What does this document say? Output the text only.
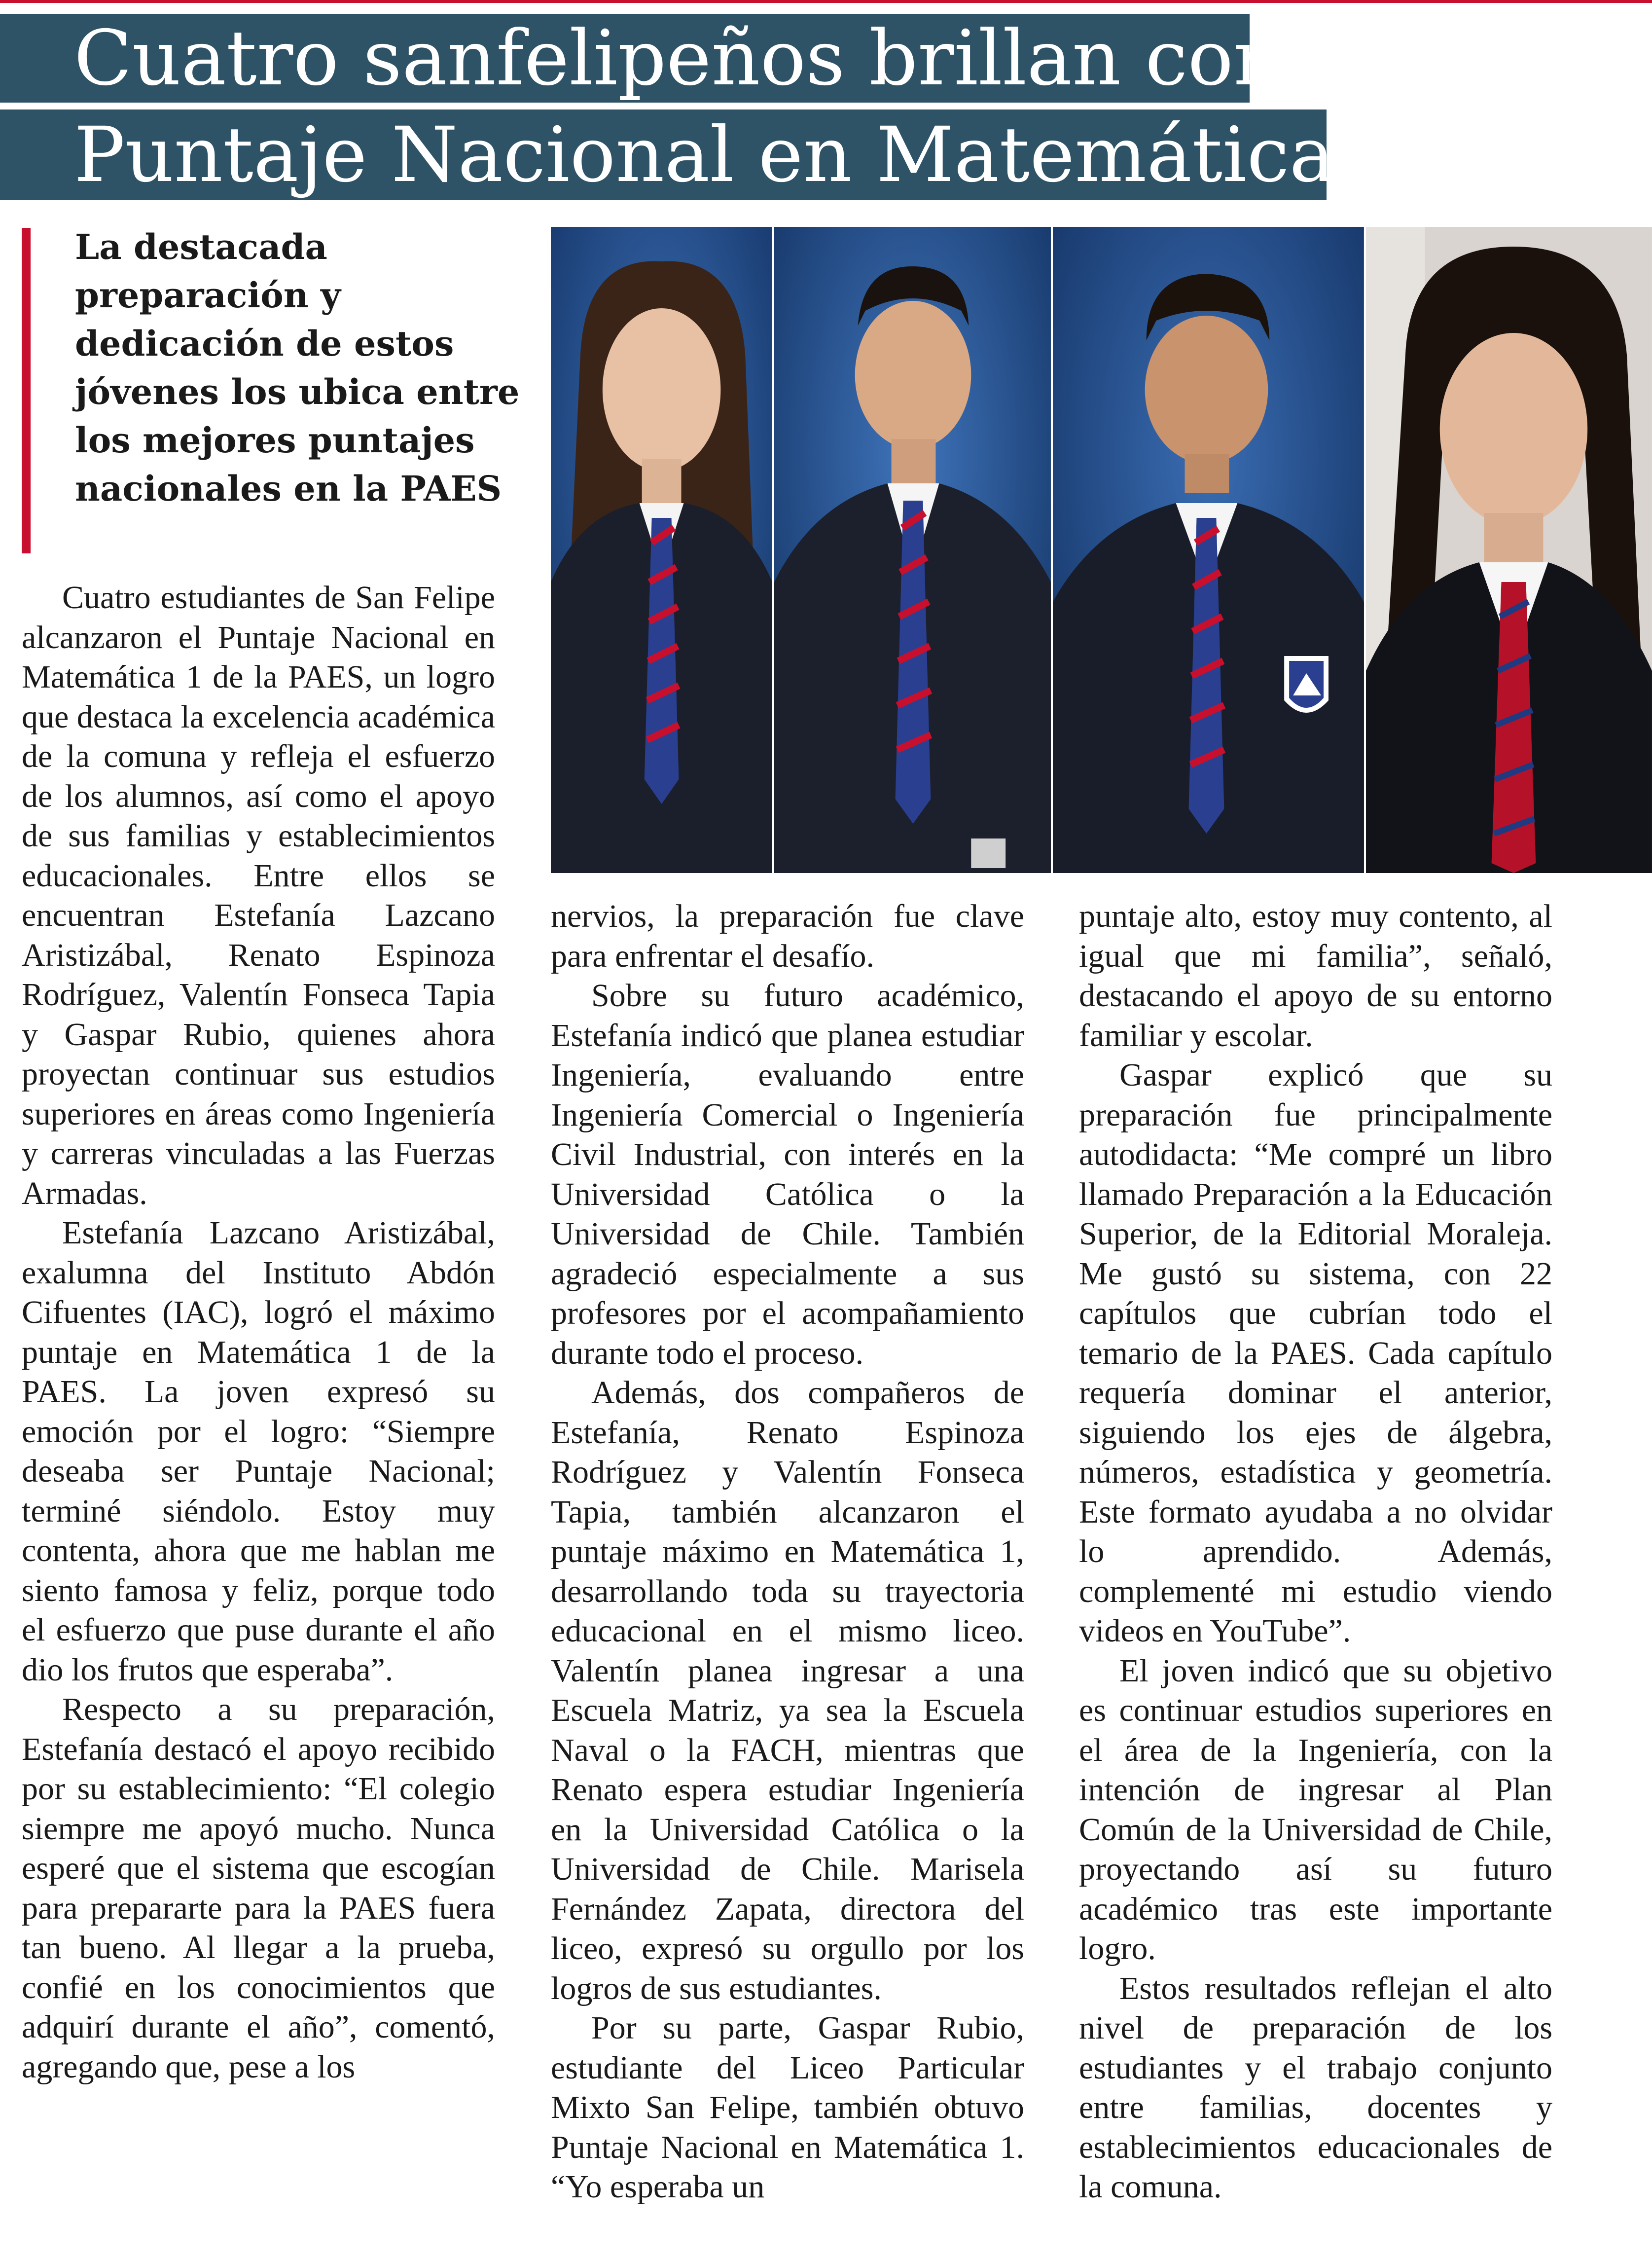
Cuatro sanfelipeños brillan con
Puntaje Nacional en Matemática 1
La destacada preparación y dedicación de estos jóvenes los ubica entre los mejores puntajes nacionales en la PAES

Cuatro estudiantes de San Felipe alcanzaron el Puntaje Nacional en Matemática 1 de la PAES, un logro que destaca la excelencia académica de la comuna y refleja el esfuerzo de los alumnos, así como el apoyo de sus familias y establecimientos educacionales. Entre ellos se encuentran Estefanía Lazcano Aristizábal, Renato Espinoza Rodríguez, Valentín Fonseca Tapia y Gaspar Rubio, quienes ahora proyectan continuar sus estudios superiores en áreas como Ingeniería y carreras vinculadas a las Fuerzas Armadas.

Estefanía Lazcano Aristizábal, exalumna del Instituto Abdón Cifuentes (IAC), logró el máximo puntaje en Matemática 1 de la PAES. La joven expresó su emoción por el logro: “Siempre deseaba ser Puntaje Nacional; terminé siéndolo. Estoy muy contenta, ahora que me hablan me siento famosa y feliz, porque todo el esfuerzo que puse durante el año dio los frutos que esperaba”.

Respecto a su preparación, Estefanía destacó el apoyo recibido por su establecimiento: “El colegio siempre me apoyó mucho. Nunca esperé que el sistema que escogían para prepararte para la PAES fuera tan bueno. Al llegar a la prueba, confié en los conocimientos que adquirí durante el año”, comentó, agregando que, pese a los

nervios, la preparación fue clave para enfrentar el desafío.

Sobre su futuro académico, Estefanía indicó que planea estudiar Ingeniería, evaluando entre Ingeniería Comercial o Ingeniería Civil Industrial, con interés en la Universidad Católica o la Universidad de Chile. También agradeció especialmente a sus profesores por el acompañamiento durante todo el proceso.

Además, dos compañeros de Estefanía, Renato Espinoza Rodríguez y Valentín Fonseca Tapia, también alcanzaron el puntaje máximo en Matemática 1, desarrollando toda su trayectoria educacional en el mismo liceo. Valentín planea ingresar a una Escuela Matriz, ya sea la Escuela Naval o la FACH, mientras que Renato espera estudiar Ingeniería en la Universidad Católica o la Universidad de Chile. Marisela Fernández Zapata, directora del liceo, expresó su orgullo por los logros de sus estudiantes.

Por su parte, Gaspar Rubio, estudiante del Liceo Particular Mixto San Felipe, también obtuvo Puntaje Nacional en Matemática 1. “Yo esperaba un

puntaje alto, estoy muy contento, al igual que mi familia”, señaló, destacando el apoyo de su entorno familiar y escolar.

Gaspar explicó que su preparación fue principalmente autodidacta: “Me compré un libro llamado Preparación a la Educación Superior, de la Editorial Moraleja. Me gustó su sistema, con 22 capítulos que cubrían todo el temario de la PAES. Cada capítulo requería dominar el anterior, siguiendo los ejes de álgebra, números, estadística y geometría. Este formato ayudaba a no olvidar lo aprendido. Además, complementé mi estudio viendo videos en YouTube”.

El joven indicó que su objetivo es continuar estudios superiores en el área de la Ingeniería, con la intención de ingresar al Plan Común de la Universidad de Chile, proyectando así su futuro académico tras este importante logro.

Estos resultados reflejan el alto nivel de preparación de los estudiantes y el trabajo conjunto entre familias, docentes y establecimientos educacionales de la comuna.
